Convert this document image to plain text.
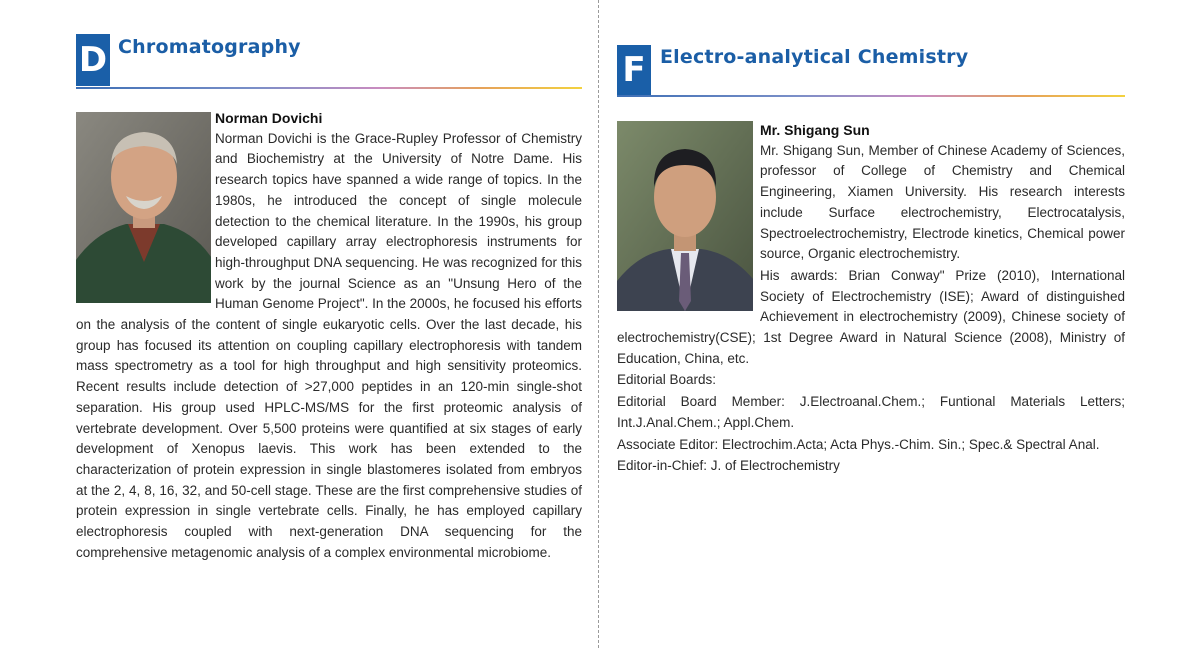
D Chromatography

Norman Dovichi

Norman Dovichi is the Grace-Rupley Professor of Chemistry and Biochemistry at the University of Notre Dame. His research topics have spanned a wide range of topics. In the 1980s, he introduced the concept of single molecule detection to the chemical literature. In the 1990s, his group developed capillary array electrophoresis instruments for high-throughput DNA sequencing. He was recognized for this work by the journal Science as an "Unsung Hero of the Human Genome Project". In the 2000s, he focused his efforts on the analysis of the content of single eukaryotic cells. Over the last decade, his group has focused its attention on coupling capillary electrophoresis with tandem mass spectrometry as a tool for high throughput and high sensitivity proteomics. Recent results include detection of >27,000 peptides in an 120-min single-shot separation. His group used HPLC-MS/MS for the first proteomic analysis of vertebrate development. Over 5,500 proteins were quantified at six stages of early development of Xenopus laevis. This work has been extended to the characterization of protein expression in single blastomeres isolated from embryos at the 2, 4, 8, 16, 32, and 50-cell stage. These are the first comprehensive studies of protein expression in single vertebrate cells. Finally, he has employed capillary electrophoresis coupled with next-generation DNA sequencing for the comprehensive metagenomic analysis of a complex environmental microbiome.

F Electro-analytical Chemistry

Mr. Shigang Sun

Mr. Shigang Sun, Member of Chinese Academy of Sciences, professor of College of Chemistry and Chemical Engineering, Xiamen University. His research interests include Surface electrochemistry, Electrocatalysis, Spectroelectrochemistry, Electrode kinetics, Chemical power source, Organic electrochemistry.

His awards: Brian Conway" Prize (2010), International Society of Electrochemistry (ISE); Award of distinguished Achievement in electrochemistry (2009), Chinese society of electrochemistry(CSE); 1st Degree Award in Natural Science (2008), Ministry of Education, China, etc.

Editorial Boards:

Editorial Board Member: J.Electroanal.Chem.; Funtional Materials Letters; Int.J.Anal.Chem.; Appl.Chem.

Associate Editor: Electrochim.Acta; Acta Phys.-Chim. Sin.; Spec.& Spectral Anal.

Editor-in-Chief: J. of Electrochemistry
